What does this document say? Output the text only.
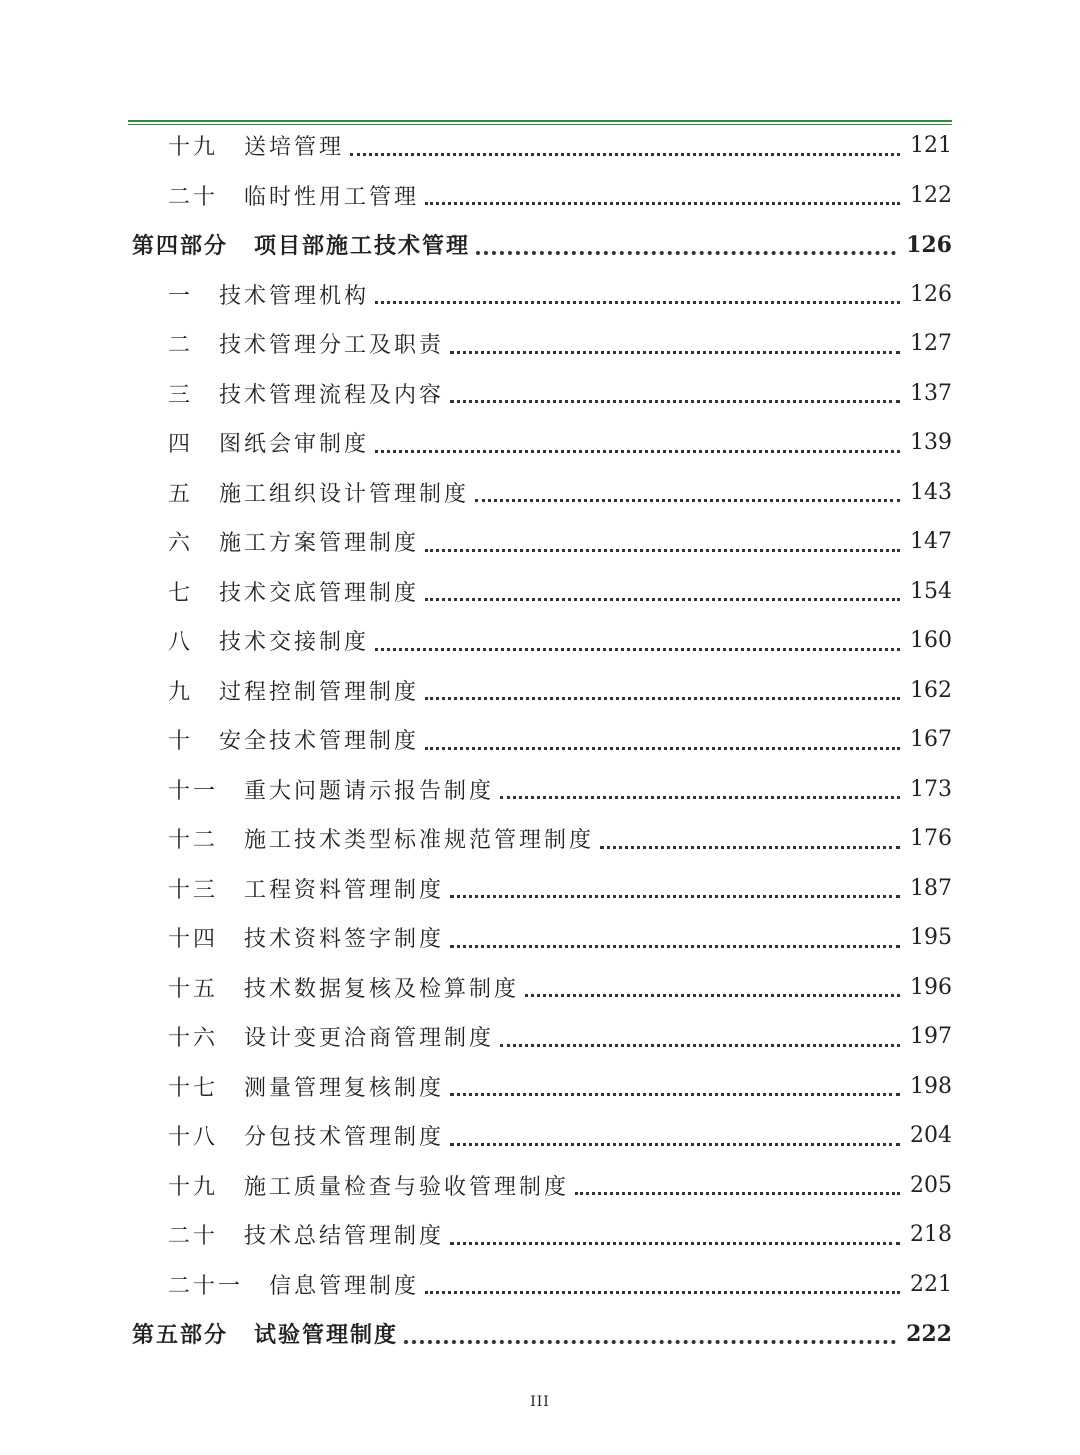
十九 送培管理	121
二十 临时性用工管理	122
第四部分 项目部施工技术管理	126
一 技术管理机构	126
二 技术管理分工及职责	127
三 技术管理流程及内容	137
四 图纸会审制度	139
五 施工组织设计管理制度	143
六 施工方案管理制度	147
七 技术交底管理制度	154
八 技术交接制度	160
九 过程控制管理制度	162
十 安全技术管理制度	167
十一 重大问题请示报告制度	173
十二 施工技术类型标准规范管理制度	176
十三 工程资料管理制度	187
十四 技术资料签字制度	195
十五 技术数据复核及检算制度	196
十六 设计变更洽商管理制度	197
十七 测量管理复核制度	198
十八 分包技术管理制度	204
十九 施工质量检查与验收管理制度	205
二十 技术总结管理制度	218
二十一 信息管理制度	221
第五部分 试验管理制度	222
III
